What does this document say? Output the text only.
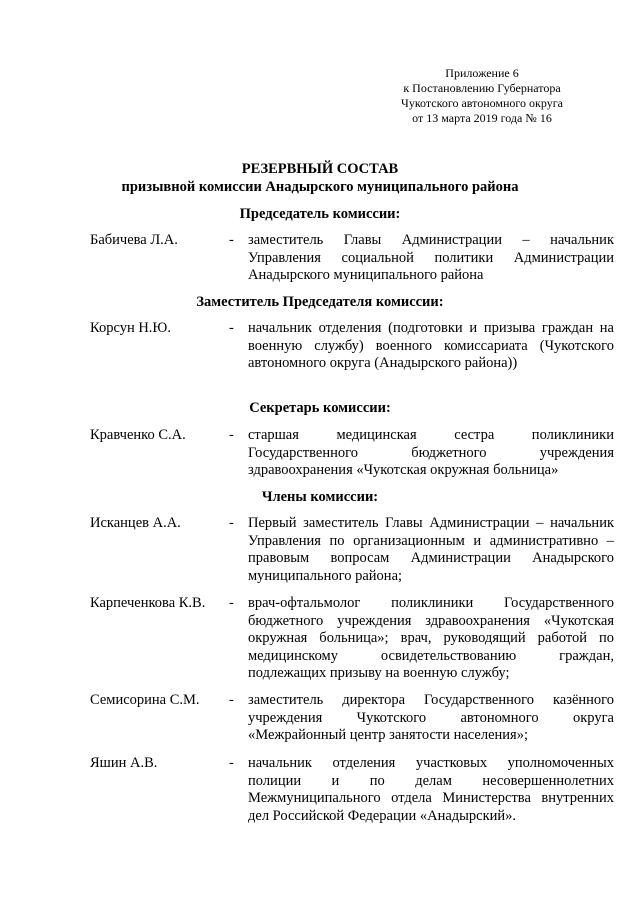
Приложение 6
к Постановлению Губернатора
Чукотского автономного округа
от 13 марта 2019 года № 16
РЕЗЕРВНЫЙ СОСТАВ
призывной комиссии Анадырского муниципального района
Председатель комиссии:
Бабичева Л.А.	- заместитель Главы Администрации – начальник Управления социальной политики Администрации Анадырского муниципального района
Заместитель Председателя комиссии:
Корсун Н.Ю.	- начальник отделения (подготовки и призыва граждан на военную службу) военного комиссариата (Чукотского автономного округа (Анадырского района))
Секретарь комиссии:
Кравченко С.А.	- старшая медицинская сестра поликлиники Государственного бюджетного учреждения здравоохранения «Чукотская окружная больница»
Члены комиссии:
Исканцев А.А.	- Первый заместитель Главы Администрации – начальник Управления по организационным и административно – правовым вопросам Администрации Анадырского муниципального района;
Карпеченкова К.В. - врач-офтальмолог поликлиники Государственного бюджетного учреждения здравоохранения «Чукотская окружная больница»; врач, руководящий работой по медицинскому освидетельствованию граждан, подлежащих призыву на военную службу;
Семисорина С.М. - заместитель директора Государственного казённого учреждения Чукотского автономного округа «Межрайонный центр занятости населения»;
Яшин А.В.	- начальник отделения участковых уполномоченных полиции и по делам несовершеннолетних Межмуниципального отдела Министерства внутренних дел Российской Федерации «Анадырский».
